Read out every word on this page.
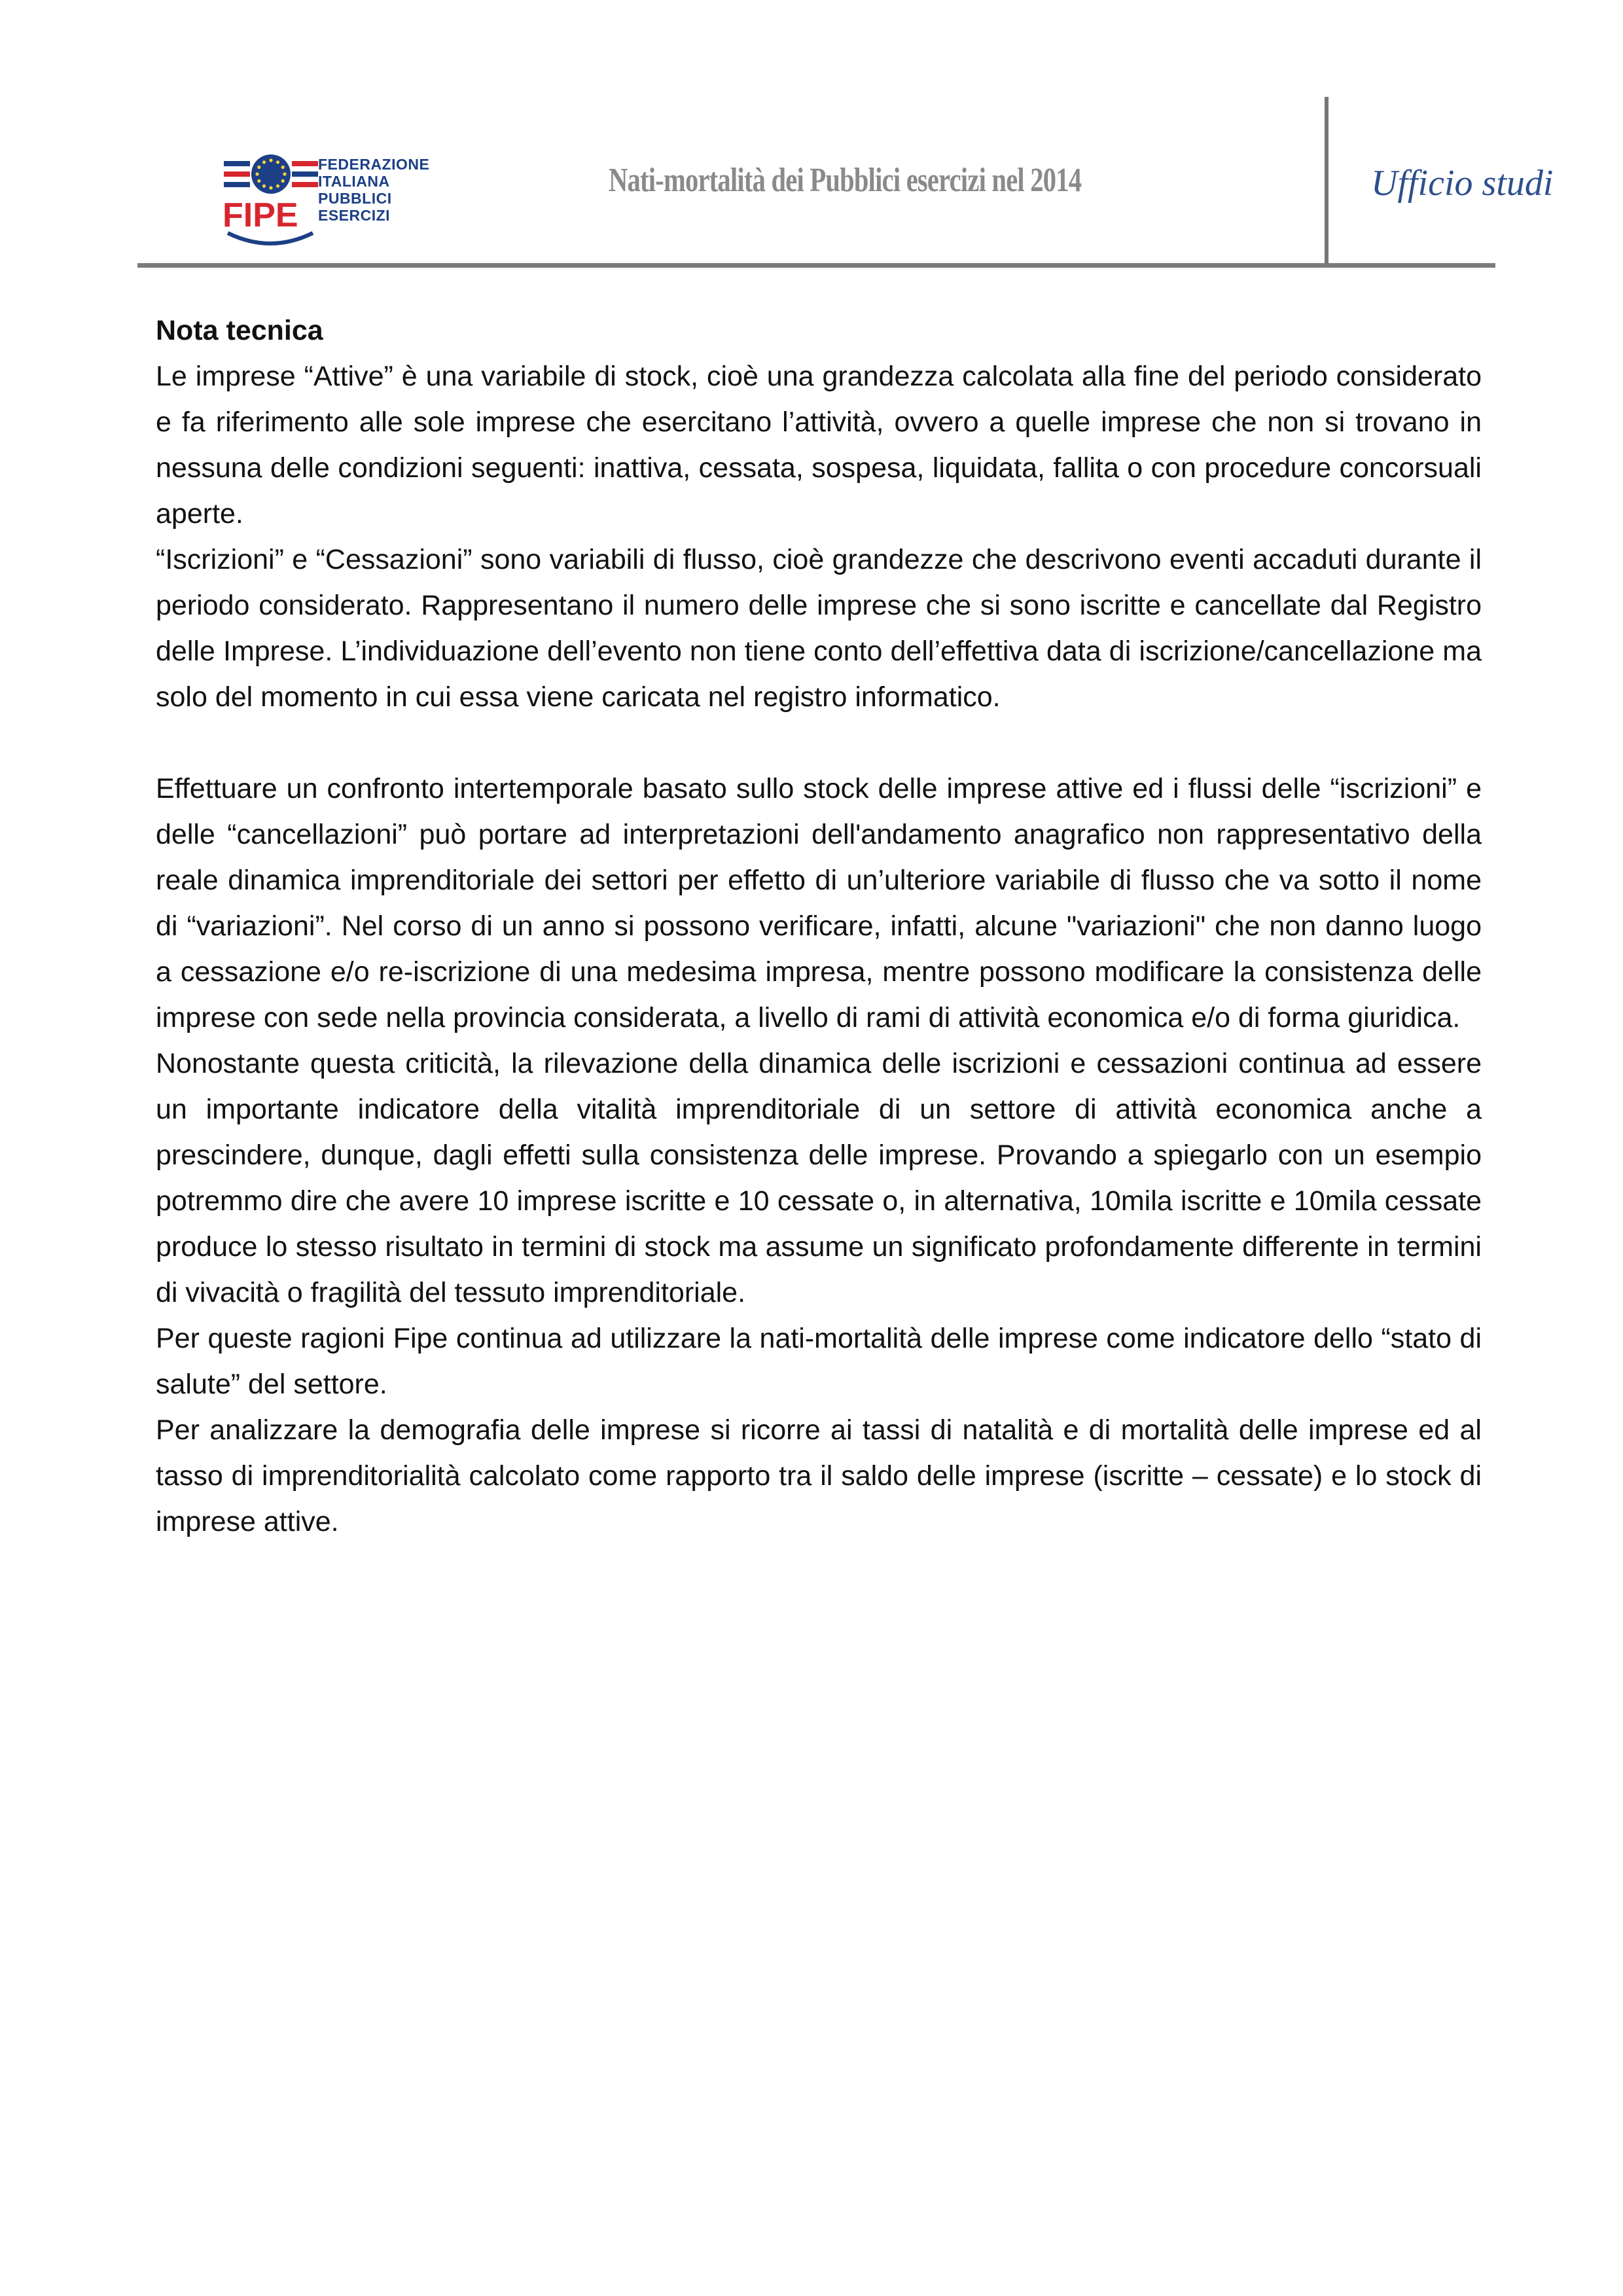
FIPE
FEDERAZIONE
ITALIANA
PUBBLICI
ESERCIZI
Nati-mortalità dei Pubblici esercizi nel 2014	Ufficio studi
Nota tecnica

Le imprese “Attive” è una variabile di stock, cioè una grandezza calcolata alla fine del periodo considerato e fa riferimento alle sole imprese che esercitano l’attività, ovvero a quelle imprese che non si trovano in nessuna delle condizioni seguenti: inattiva, cessata, sospesa, liquidata, fallita o con procedure concorsuali aperte.

“Iscrizioni” e “Cessazioni” sono variabili di flusso, cioè grandezze che descrivono eventi accaduti durante il periodo considerato. Rappresentano il numero delle imprese che si sono iscritte e cancellate dal Registro delle Imprese. L’individuazione dell’evento non tiene conto dell’effettiva data di iscrizione/cancellazione ma solo del momento in cui essa viene caricata nel registro informatico.

Effettuare un confronto intertemporale basato sullo stock delle imprese attive ed i flussi delle “iscrizioni” e delle “cancellazioni” può portare ad interpretazioni dell'andamento anagrafico non rappresentativo della reale dinamica imprenditoriale dei settori per effetto di un’ulteriore variabile di flusso che va sotto il nome di “variazioni”. Nel corso di un anno si possono verificare, infatti, alcune "variazioni" che non danno luogo a cessazione e/o re-iscrizione di una medesima impresa, mentre possono modificare la consistenza delle imprese con sede nella provincia considerata, a livello di rami di attività economica e/o di forma giuridica.

Nonostante questa criticità, la rilevazione della dinamica delle iscrizioni e cessazioni continua ad essere un importante indicatore della vitalità imprenditoriale di un settore di attività economica anche a prescindere, dunque, dagli effetti sulla consistenza delle imprese. Provando a spiegarlo con un esempio potremmo dire che avere 10 imprese iscritte e 10 cessate o, in alternativa, 10mila iscritte e 10mila cessate produce lo stesso risultato in termini di stock ma assume un significato profondamente differente in termini di vivacità o fragilità del tessuto imprenditoriale.

Per queste ragioni Fipe continua ad utilizzare la nati-mortalità delle imprese come indicatore dello “stato di salute” del settore.

Per analizzare la demografia delle imprese si ricorre ai tassi di natalità e di mortalità delle imprese ed al tasso di imprenditorialità calcolato come rapporto tra il saldo delle imprese (iscritte – cessate) e lo stock di imprese attive.
